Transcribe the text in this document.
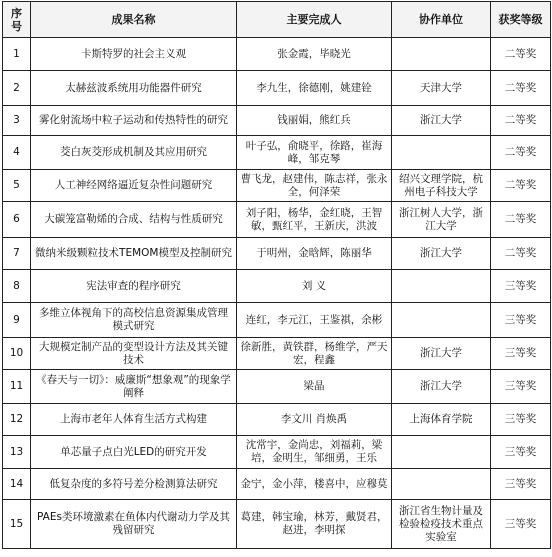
序号	成果名称	主要完成人	协作单位	获奖等级
1	卡斯特罗的社会主义观	张金霞，毕晓光		二等奖
2	太赫兹波系统用功能器件研究	李九生，徐德刚，姚建铨	天津大学	二等奖
3	雾化射流场中粒子运动和传热特性的研究	钱丽娟，熊红兵	浙江大学	二等奖
4	茭白灰茭形成机制及其应用研究	叶子弘，俞晓平，徐路，崔海峰，邹克琴		二等奖
5	人工神经网络逼近复杂性问题研究	曹飞龙，赵建伟，陈志祥，张永全，何泽荣	绍兴文理学院，杭州电子科技大学	二等奖
6	大碳笼富勒烯的合成、结构与性质研究	刘子阳，杨华，金红晓，王智敏，甄红平，王新庆，洪波	浙江树人大学，浙江大学	二等奖
7	微纳米级颗粒技术TEMOM模型及控制研究	于明州，金晗辉，陈丽华	浙江大学	二等奖
8	宪法审查的程序研究	刘 义		三等奖
9	多维立体视角下的高校信息资源集成管理模式研究	连红，李元江，王鉴祺，余彬		三等奖
10	大规模定制产品的变型设计方法及其关键技术	徐新胜，黄铁群，杨维学，严天宏，程鑫	浙江大学	三等奖
11	《春天与一切》：威廉斯“想象观”的现象学阐释	梁晶	浙江大学	三等奖
12	上海市老年人体育生活方式构建	李文川 肖焕禹	上海体育学院	三等奖
13	单芯量子点白光LED的研究开发	沈常宇，金尚忠，刘福莉，梁培，金明生，邹细勇，王乐		三等奖
14	低复杂度的多符号差分检测算法研究	金宁，金小萍，楼喜中，应穆莫		三等奖
15	PAEs类环境激素在鱼体内代谢动力学及其残留研究	葛建，韩宝瑜，林芳，戴贤君，赵进，李明探	浙江省生物计量及检验检疫技术重点实验室	三等奖
